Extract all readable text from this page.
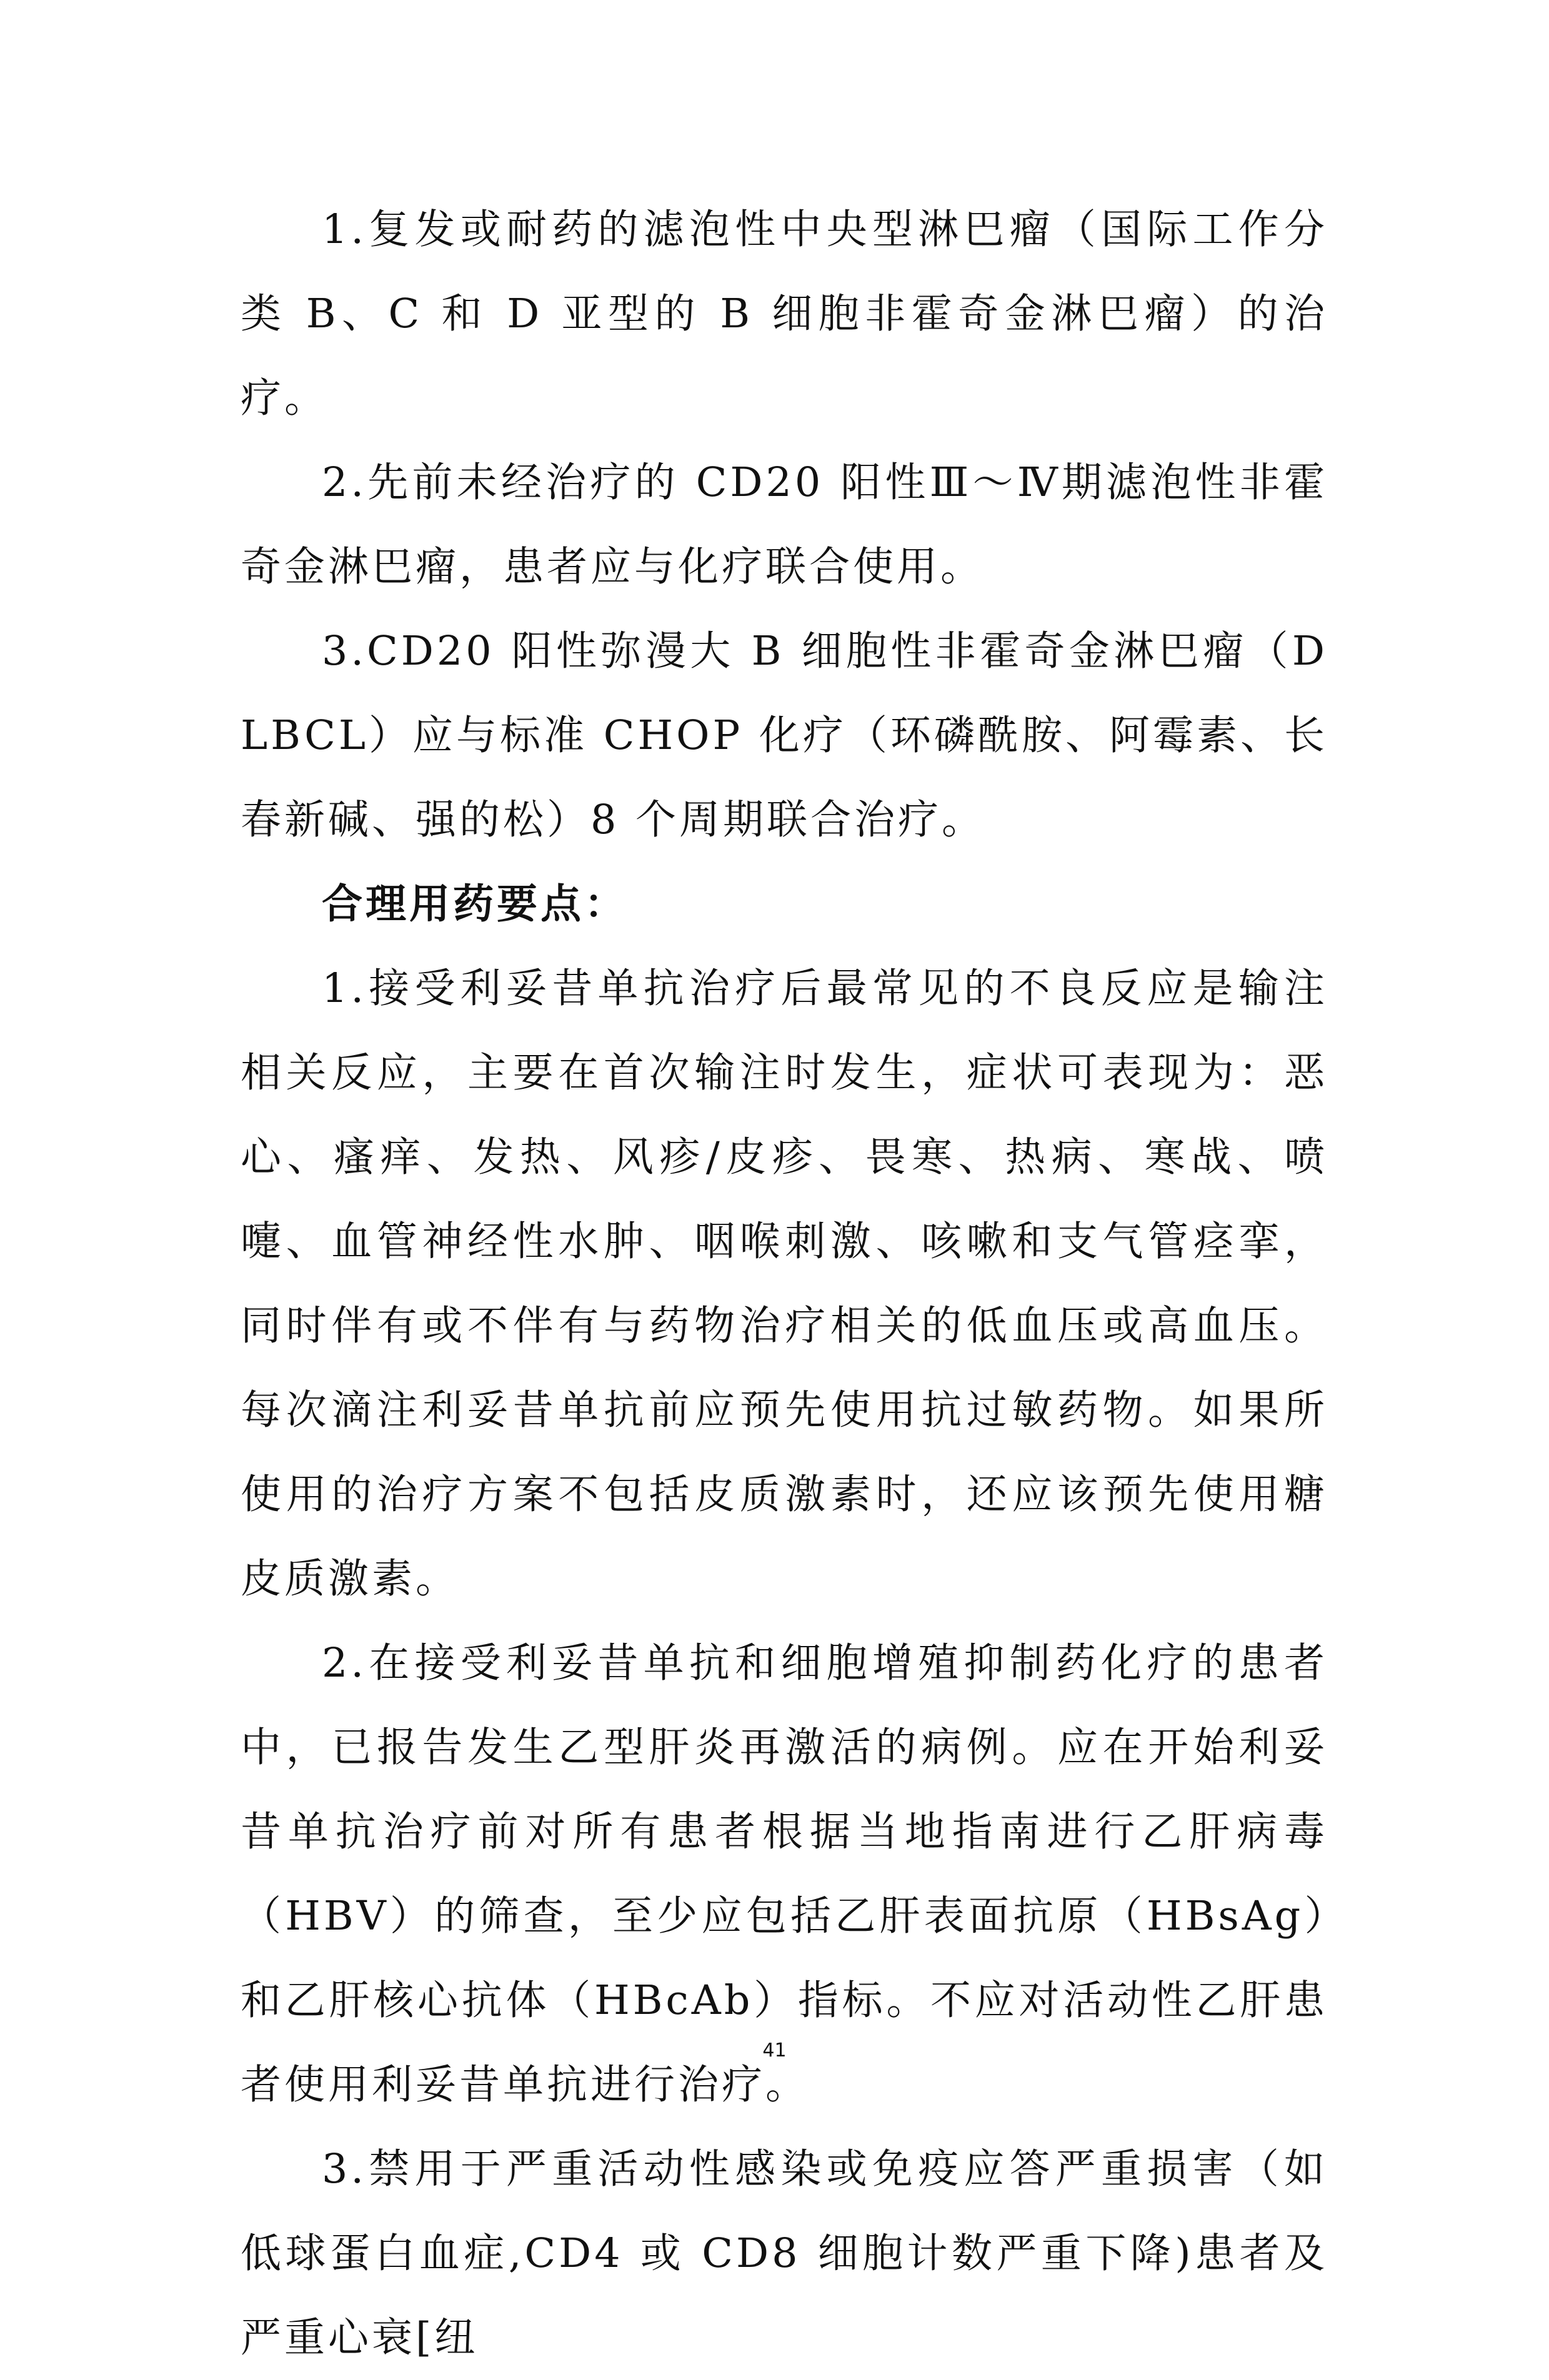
1.复发或耐药的滤泡性中央型淋巴瘤（国际工作分类 B、C 和 D 亚型的 B 细胞非霍奇金淋巴瘤）的治疗。

2.先前未经治疗的 CD20 阳性Ⅲ～Ⅳ期滤泡性非霍奇金淋巴瘤，患者应与化疗联合使用。

3.CD20 阳性弥漫大 B 细胞性非霍奇金淋巴瘤（DLBCL）应与标准 CHOP 化疗（环磷酰胺、阿霉素、长春新碱、强的松）8 个周期联合治疗。

合理用药要点：

1.接受利妥昔单抗治疗后最常见的不良反应是输注相关反应，主要在首次输注时发生，症状可表现为：恶心、瘙痒、发热、风疹/皮疹、畏寒、热病、寒战、喷嚏、血管神经性水肿、咽喉刺激、咳嗽和支气管痉挛，同时伴有或不伴有与药物治疗相关的低血压或高血压。每次滴注利妥昔单抗前应预先使用抗过敏药物。如果所使用的治疗方案不包括皮质激素时，还应该预先使用糖皮质激素。

2.在接受利妥昔单抗和细胞增殖抑制药化疗的患者中，已报告发生乙型肝炎再激活的病例。应在开始利妥昔单抗治疗前对所有患者根据当地指南进行乙肝病毒（HBV）的筛查，至少应包括乙肝表面抗原（HBsAg）和乙肝核心抗体（HBcAb）指标。不应对活动性乙肝患者使用利妥昔单抗进行治疗。

3.禁用于严重活动性感染或免疫应答严重损害（如低球蛋白血症,CD4 或 CD8 细胞计数严重下降)患者及严重心衰[纽

41
